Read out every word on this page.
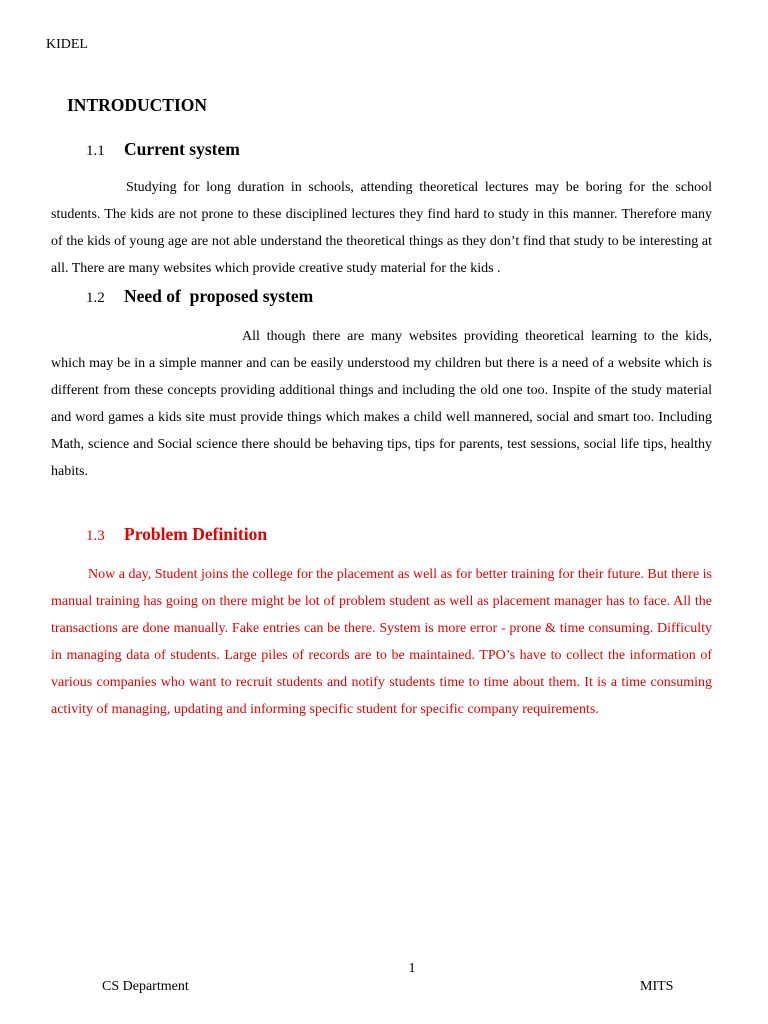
KIDEL
INTRODUCTION
1.1 Current system

Studying for long duration in schools, attending theoretical lectures may be boring for the school students. The kids are not prone to these disciplined lectures they find hard to study in this manner. Therefore many of the kids of young age are not able understand the theoretical things as they don’t find that study to be interesting at all. There are many websites which provide creative study material for the kids .

1.2 Need of  proposed system

All though there are many websites providing theoretical learning to the kids, which may be in a simple manner and can be easily understood my children but there is a need of a website which is different from these concepts providing additional things and including the old one too. Inspite of the study material and word games a kids site must provide things which makes a child well mannered, social and smart too. Including Math, science and Social science there should be behaving tips, tips for parents, test sessions, social life tips, healthy habits.

1.3 Problem Definition

Now a day, Student joins the college for the placement as well as for better training for their future. But there is manual training has going on there might be lot of problem student as well as placement manager has to face. All the transactions are done manually. Fake entries can be there. System is more error - prone & time consuming. Difficulty in managing data of students. Large piles of records are to be maintained. TPO’s have to collect the information of various companies who want to recruit students and notify students time to time about them. It is a time consuming activity of managing, updating and informing specific student for specific company requirements.

1
CS Department	MITS
